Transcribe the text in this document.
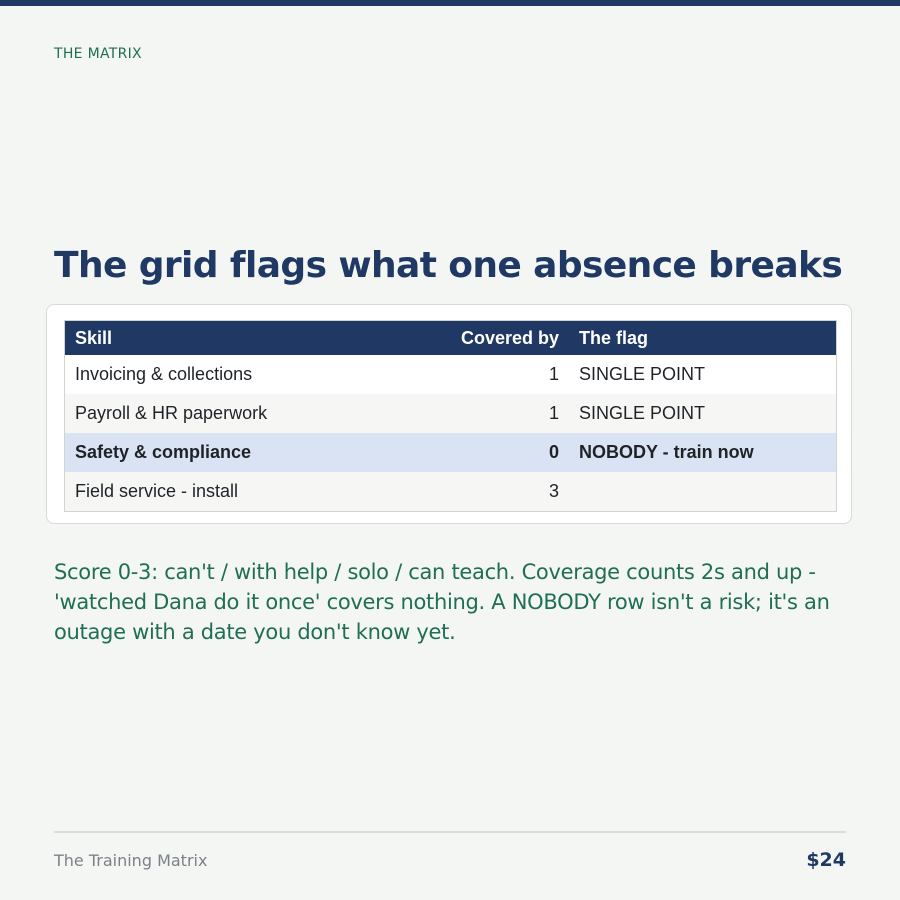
THE MATRIX
The grid flags what one absence breaks
Skill	Covered by	The flag
Invoicing & collections	1	SINGLE POINT
Payroll & HR paperwork	1	SINGLE POINT
Safety & compliance	0	NOBODY - train now
Field service - install	3	

Score 0-3: can't / with help / solo / can teach. Coverage counts 2s and up - 'watched Dana do it once' covers nothing. A NOBODY row isn't a risk; it's an outage with a date you don't know yet.

The Training Matrix	$24
